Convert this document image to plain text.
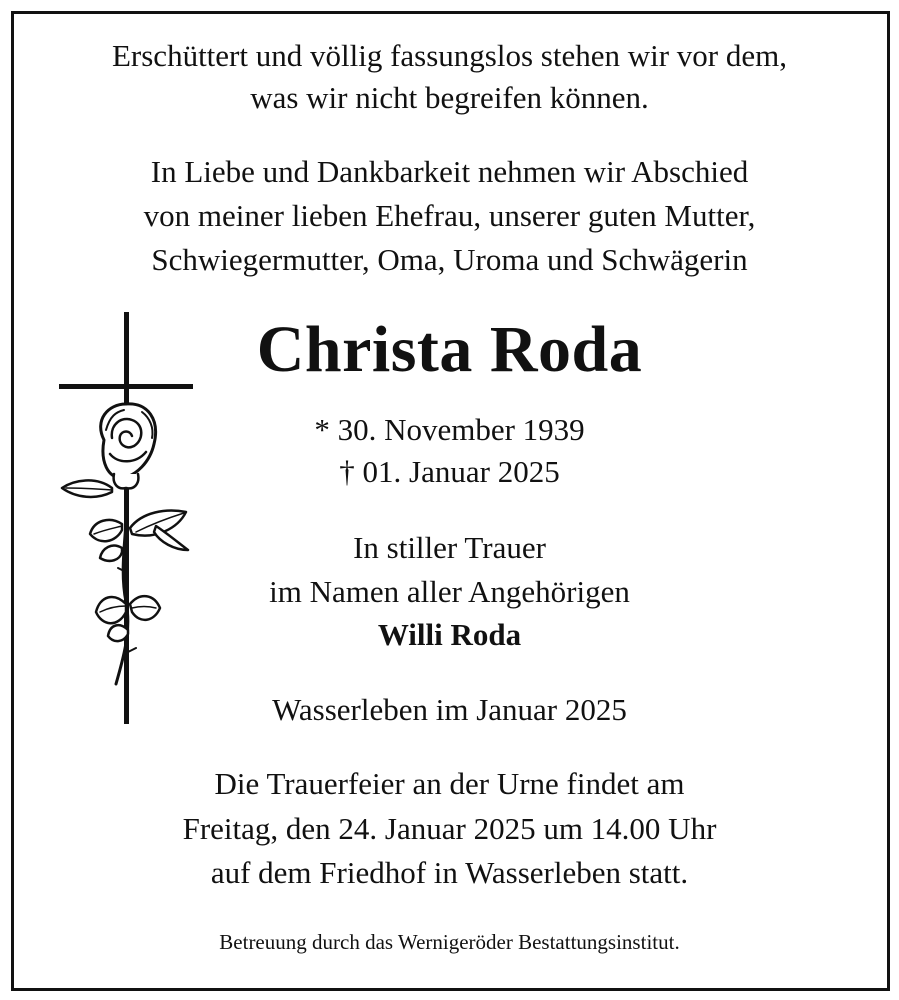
Erschüttert und völlig fassungslos stehen wir vor dem,
was wir nicht begreifen können.
In Liebe und Dankbarkeit nehmen wir Abschied
von meiner lieben Ehefrau, unserer guten Mutter,
Schwiegermutter, Oma, Uroma und Schwägerin
Christa Roda
* 30. November 1939
† 01. Januar 2025
In stiller Trauer
im Namen aller Angehörigen
Willi Roda
Wasserleben im Januar 2025
Die Trauerfeier an der Urne findet am
Freitag, den 24. Januar 2025 um 14.00 Uhr
auf dem Friedhof in Wasserleben statt.
Betreuung durch das Wernigeröder Bestattungsinstitut.
